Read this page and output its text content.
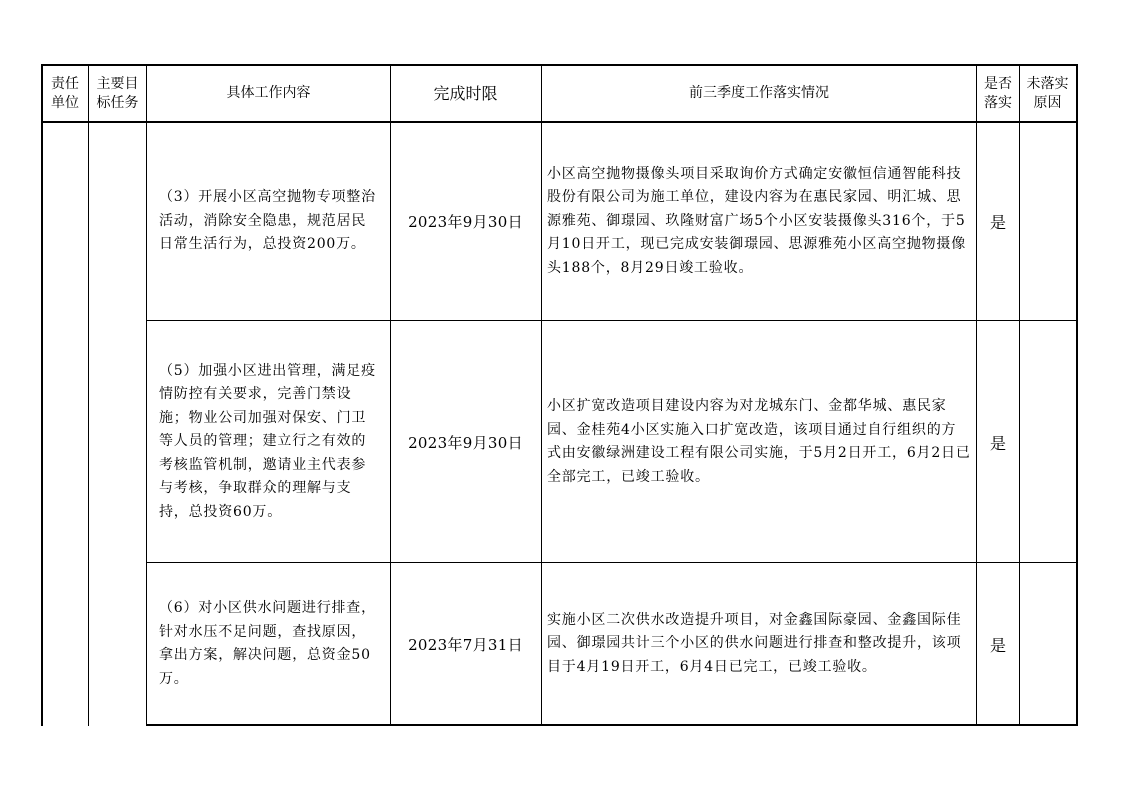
责任单位
主要目标任务
具体工作内容	完成时限	前三季度工作落实情况
是否落实
未落实原因
（3）开展小区高空抛物专项整治活动，消除安全隐患，规范居民日常生活行为，总投资200万。
2023年9月30日
小区高空抛物摄像头项目采取询价方式确定安徽恒信通智能科技股份有限公司为施工单位，建设内容为在惠民家园、明汇城、思源雅苑、御璟园、玖隆财富广场5个小区安装摄像头316个，于5月10日开工，现已完成安装御璟园、思源雅苑小区高空抛物摄像头188个，8月29日竣工验收。
是
（5）加强小区进出管理，满足疫情防控有关要求，完善门禁设施；物业公司加强对保安、门卫等人员的管理；建立行之有效的考核监管机制，邀请业主代表参与考核，争取群众的理解与支持，总投资60万。
2023年9月30日
小区扩宽改造项目建设内容为对龙城东门、金都华城、惠民家园、金桂苑4小区实施入口扩宽改造，该项目通过自行组织的方式由安徽绿洲建设工程有限公司实施，于5月2日开工，6月2日已全部完工，已竣工验收。
是
（6）对小区供水问题进行排查，针对水压不足问题，查找原因，拿出方案，解决问题，总资金50万。
2023年7月31日
实施小区二次供水改造提升项目，对金鑫国际豪园、金鑫国际佳园、御璟园共计三个小区的供水问题进行排查和整改提升，该项目于4月19日开工，6月4日已完工，已竣工验收。
是
